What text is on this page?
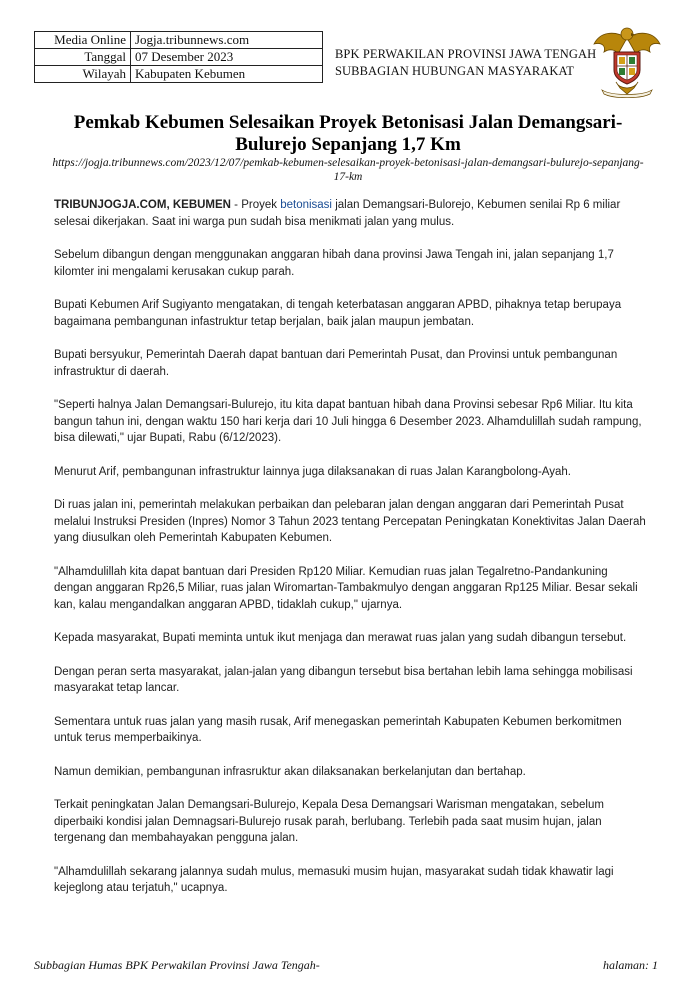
Media Online	Jogja.tribunnews.com
Tanggal	07 Desember 2023
Wilayah	Kabupaten Kebumen
BPK PERWAKILAN PROVINSI JAWA TENGAH
SUBBAGIAN HUBUNGAN MASYARAKAT
Pemkab Kebumen Selesaikan Proyek Betonisasi Jalan Demangsari-Bulurejo Sepanjang 1,7 Km
https://jogja.tribunnews.com/2023/12/07/pemkab-kebumen-selesaikan-proyek-betonisasi-jalan-demangsari-bulurejo-sepanjang-17-km

TRIBUNJOGJA.COM, KEBUMEN - Proyek betonisasi jalan Demangsari-Bulorejo, Kebumen senilai Rp 6 miliar selesai dikerjakan. Saat ini warga pun sudah bisa menikmati jalan yang mulus.

Sebelum dibangun dengan menggunakan anggaran hibah dana provinsi Jawa Tengah ini, jalan sepanjang 1,7 kilomter ini mengalami kerusakan cukup parah.

Bupati Kebumen Arif Sugiyanto mengatakan, di tengah keterbatasan anggaran APBD, pihaknya tetap berupaya bagaimana pembangunan infastruktur tetap berjalan, baik jalan maupun jembatan.

Bupati bersyukur, Pemerintah Daerah dapat bantuan dari Pemerintah Pusat, dan Provinsi untuk pembangunan infrastruktur di daerah.

"Seperti halnya Jalan Demangsari-Bulurejo, itu kita dapat bantuan hibah dana Provinsi sebesar Rp6 Miliar. Itu kita bangun tahun ini, dengan waktu 150 hari kerja dari 10 Juli hingga 6 Desember 2023. Alhamdulillah sudah rampung, bisa dilewati," ujar Bupati, Rabu (6/12/2023).

Menurut Arif, pembangunan infrastruktur lainnya juga dilaksanakan di ruas Jalan Karangbolong-Ayah.

Di ruas jalan ini, pemerintah melakukan perbaikan dan pelebaran jalan dengan anggaran dari Pemerintah Pusat melalui Instruksi Presiden (Inpres) Nomor 3 Tahun 2023 tentang Percepatan Peningkatan Konektivitas Jalan Daerah yang diusulkan oleh Pemerintah Kabupaten Kebumen.

"Alhamdulillah kita dapat bantuan dari Presiden Rp120 Miliar. Kemudian ruas jalan Tegalretno-Pandankuning dengan anggaran Rp26,5 Miliar, ruas jalan Wiromartan-Tambakmulyo dengan anggaran Rp125 Miliar. Besar sekali kan, kalau mengandalkan anggaran APBD, tidaklah cukup," ujarnya.

Kepada masyarakat, Bupati meminta untuk ikut menjaga dan merawat ruas jalan yang sudah dibangun tersebut.

Dengan peran serta masyarakat, jalan-jalan yang dibangun tersebut bisa bertahan lebih lama sehingga mobilisasi masyarakat tetap lancar.

Sementara untuk ruas jalan yang masih rusak, Arif menegaskan pemerintah Kabupaten Kebumen berkomitmen untuk terus memperbaikinya.

Namun demikian, pembangunan infrasruktur akan dilaksanakan berkelanjutan dan bertahap.

Terkait peningkatan Jalan Demangsari-Bulurejo, Kepala Desa Demangsari Warisman mengatakan, sebelum diperbaiki kondisi jalan Demnagsari-Bulurejo rusak parah, berlubang. Terlebih pada saat musim hujan, jalan tergenang dan membahayakan pengguna jalan.

"Alhamdulillah sekarang jalannya sudah mulus, memasuki musim hujan, masyarakat sudah tidak khawatir lagi kejeglong atau terjatuh," ucapnya.

Subbagian Humas BPK Perwakilan Provinsi Jawa Tengah-	halaman: 1
